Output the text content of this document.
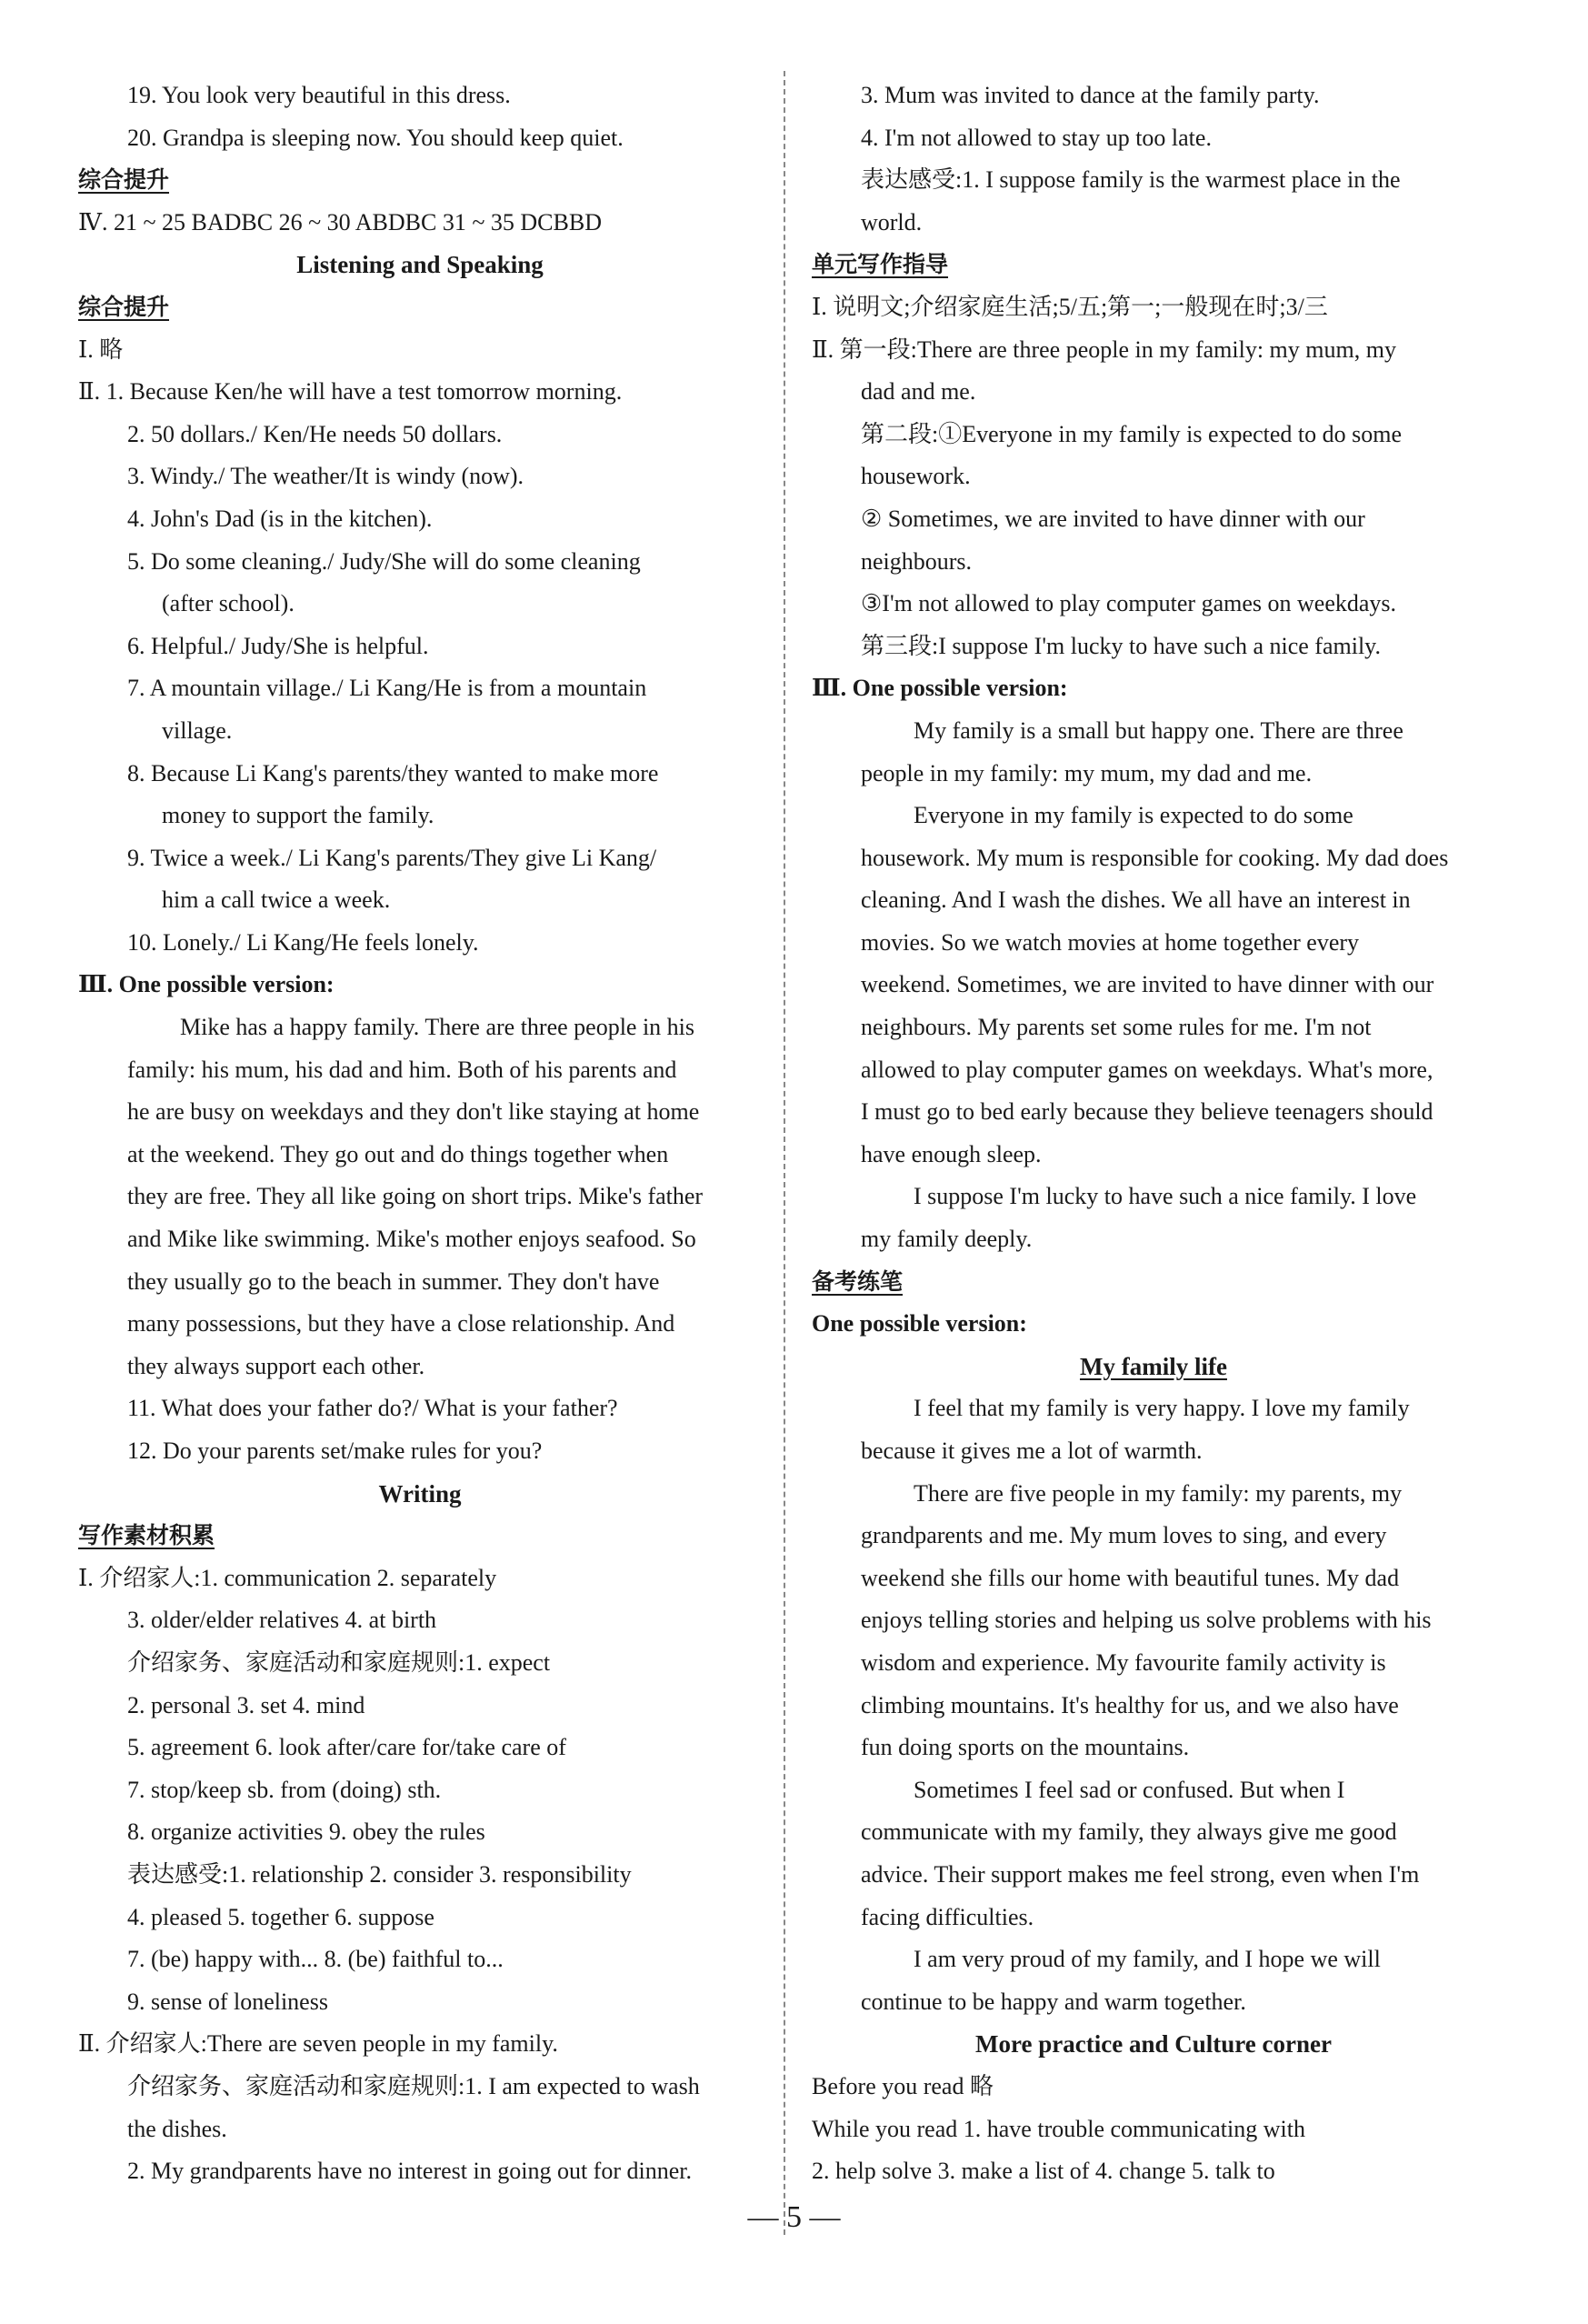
19. You look very beautiful in this dress.
20. Grandpa is sleeping now. You should keep quiet.
综合提升
Ⅳ. 21 ~ 25 BADBC 26 ~ 30 ABDBC 31 ~ 35 DCBBD
Listening and Speaking
综合提升
Ⅰ. 略
Ⅱ. 1. Because Ken/he will have a test tomorrow morning.
2. 50 dollars./ Ken/He needs 50 dollars.
3. Windy./ The weather/It is windy (now).
4. John's Dad (is in the kitchen).
5. Do some cleaning./ Judy/She will do some cleaning
(after school).
6. Helpful./ Judy/She is helpful.
7. A mountain village./ Li Kang/He is from a mountain
village.
8. Because Li Kang's parents/they wanted to make more
money to support the family.
9. Twice a week./ Li Kang's parents/They give Li Kang/
him a call twice a week.
10. Lonely./ Li Kang/He feels lonely.
Ⅲ. One possible version:
Mike has a happy family. There are three people in his
family: his mum, his dad and him. Both of his parents and
he are busy on weekdays and they don't like staying at home
at the weekend. They go out and do things together when
they are free. They all like going on short trips. Mike's father
and Mike like swimming. Mike's mother enjoys seafood. So
they usually go to the beach in summer. They don't have
many possessions, but they have a close relationship. And
they always support each other.
11. What does your father do?/ What is your father?
12. Do your parents set/make rules for you?
Writing
写作素材积累
Ⅰ. 介绍家人:1. communication 2. separately
3. older/elder relatives 4. at birth
介绍家务、家庭活动和家庭规则:1. expect
2. personal 3. set 4. mind
5. agreement 6. look after/care for/take care of
7. stop/keep sb. from (doing) sth.
8. organize activities 9. obey the rules
表达感受:1. relationship 2. consider 3. responsibility
4. pleased 5. together 6. suppose
7. (be) happy with... 8. (be) faithful to...
9. sense of loneliness
Ⅱ. 介绍家人:There are seven people in my family.
介绍家务、家庭活动和家庭规则:1. I am expected to wash
the dishes.
2. My grandparents have no interest in going out for dinner.
3. Mum was invited to dance at the family party.
4. I'm not allowed to stay up too late.
表达感受:1. I suppose family is the warmest place in the
world.
单元写作指导
Ⅰ. 说明文;介绍家庭生活;5/五;第一;一般现在时;3/三
Ⅱ. 第一段:There are three people in my family: my mum, my
dad and me.
第二段:①Everyone in my family is expected to do some
housework.
② Sometimes, we are invited to have dinner with our
neighbours.
③I'm not allowed to play computer games on weekdays.
第三段:I suppose I'm lucky to have such a nice family.
Ⅲ. One possible version:
My family is a small but happy one. There are three
people in my family: my mum, my dad and me.
Everyone in my family is expected to do some
housework. My mum is responsible for cooking. My dad does
cleaning. And I wash the dishes. We all have an interest in
movies. So we watch movies at home together every
weekend. Sometimes, we are invited to have dinner with our
neighbours. My parents set some rules for me. I'm not
allowed to play computer games on weekdays. What's more,
I must go to bed early because they believe teenagers should
have enough sleep.
I suppose I'm lucky to have such a nice family. I love
my family deeply.
备考练笔
One possible version:
My family life
I feel that my family is very happy. I love my family
because it gives me a lot of warmth.
There are five people in my family: my parents, my
grandparents and me. My mum loves to sing, and every
weekend she fills our home with beautiful tunes. My dad
enjoys telling stories and helping us solve problems with his
wisdom and experience. My favourite family activity is
climbing mountains. It's healthy for us, and we also have
fun doing sports on the mountains.
Sometimes I feel sad or confused. But when I
communicate with my family, they always give me good
advice. Their support makes me feel strong, even when I'm
facing difficulties.
I am very proud of my family, and I hope we will
continue to be happy and warm together.
More practice and Culture corner
Before you read 略
While you read 1. have trouble communicating with
2. help solve 3. make a list of 4. change 5. talk to
— 5 —
